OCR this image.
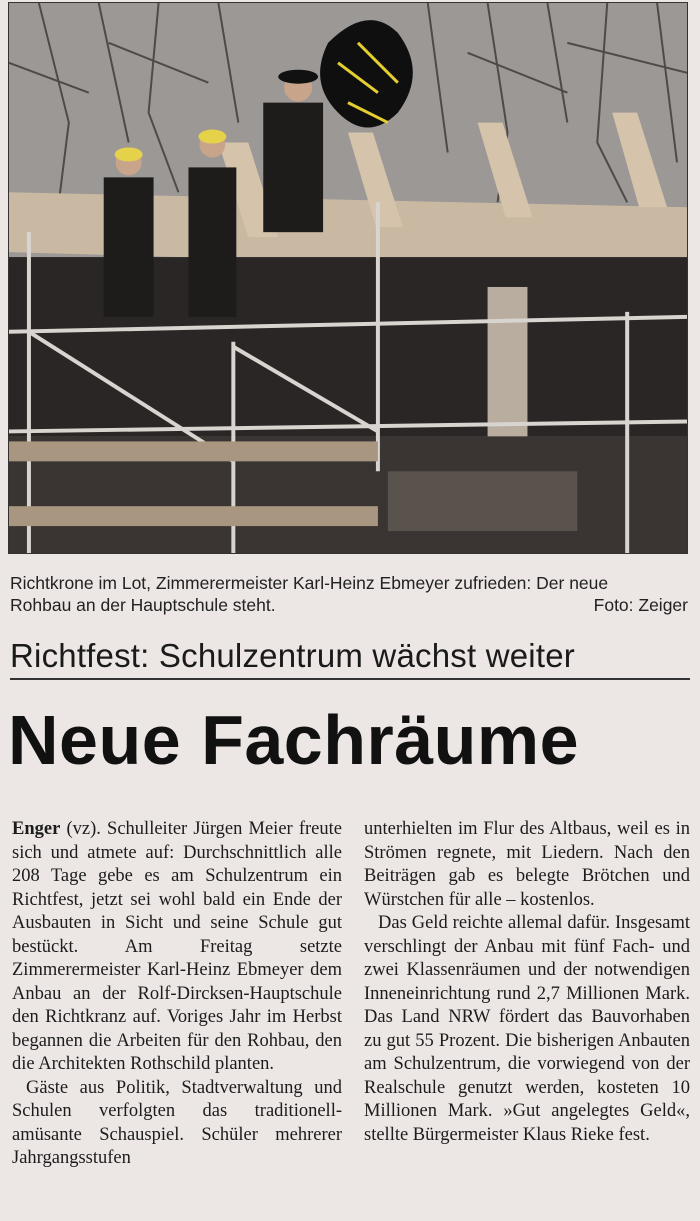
Richtkrone im Lot, Zimmerermeister Karl-Heinz Ebmeyer zufrieden: Der neue
Rohbau an der Hauptschule steht.	Foto: Zeiger
Richtfest: Schulzentrum wächst weiter
Neue Fachräume

Enger (vz). Schulleiter Jürgen Meier freute sich und atmete auf: Durchschnittlich alle 208 Tage gebe es am Schulzentrum ein Richtfest, jetzt sei wohl bald ein Ende der Ausbauten in Sicht und seine Schule gut bestückt. Am Freitag setzte Zimmerermeister Karl-Heinz Ebmeyer dem Anbau an der Rolf-Dircksen-Hauptschule den Richtkranz auf. Voriges Jahr im Herbst begannen die Arbeiten für den Rohbau, den die Architekten Rothschild planten.

Gäste aus Politik, Stadtverwaltung und Schulen verfolgten das traditionell-amüsante Schauspiel. Schüler mehrerer Jahrgangsstufen

unterhielten im Flur des Altbaus, weil es in Strömen regnete, mit Liedern. Nach den Beiträgen gab es belegte Brötchen und Würstchen für alle – kostenlos.

Das Geld reichte allemal dafür. Insgesamt verschlingt der Anbau mit fünf Fach- und zwei Klassenräumen und der notwendigen Inneneinrichtung rund 2,7 Millionen Mark. Das Land NRW fördert das Bauvorhaben zu gut 55 Prozent. Die bisherigen Anbauten am Schulzentrum, die vorwiegend von der Realschule genutzt werden, kosteten 10 Millionen Mark. »Gut angelegtes Geld«, stellte Bürgermeister Klaus Rieke fest.
